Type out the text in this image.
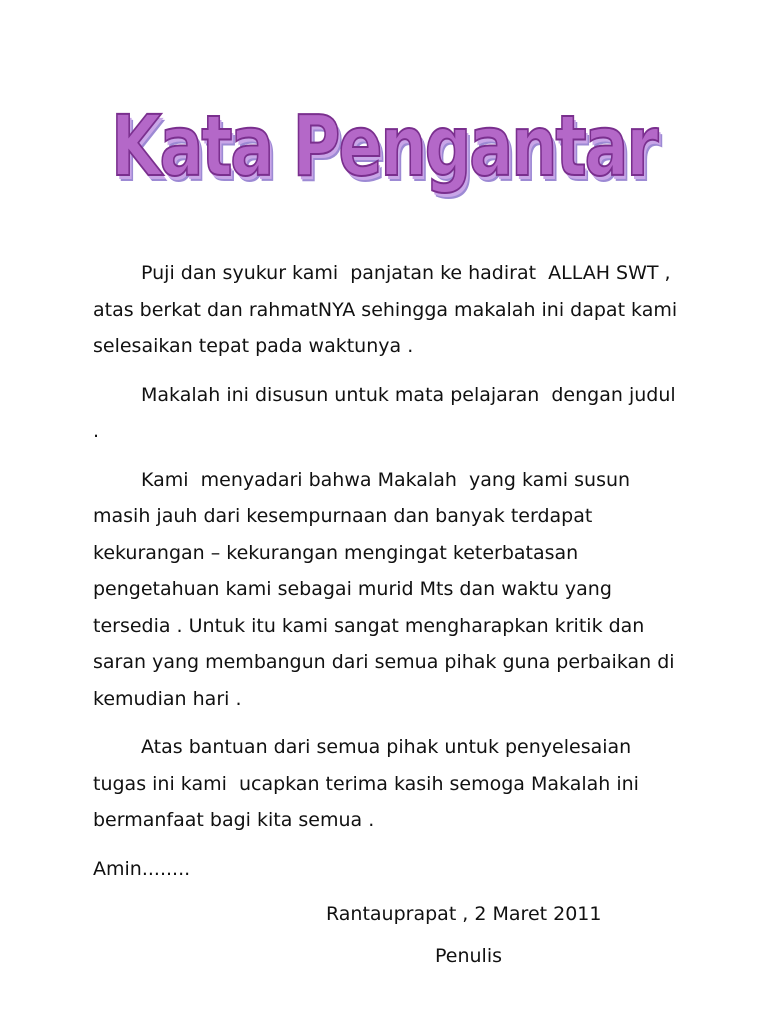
Kata Pengantar

Puji dan syukur kami  panjatan ke hadirat  ALLAH SWT , atas berkat dan rahmatNYA sehingga makalah ini dapat kami selesaikan tepat pada waktunya .

Makalah ini disusun untuk mata pelajaran  dengan judul      .

Kami  menyadari bahwa Makalah  yang kami susun masih jauh dari kesempurnaan dan banyak terdapat kekurangan – kekurangan mengingat keterbatasan pengetahuan kami sebagai murid Mts dan waktu yang tersedia . Untuk itu kami sangat mengharapkan kritik dan saran yang membangun dari semua pihak guna perbaikan di kemudian hari .

Atas bantuan dari semua pihak untuk penyelesaian tugas ini kami  ucapkan terima kasih semoga Makalah ini bermanfaat bagi kita semua .

Amin........

Rantauprapat , 2 Maret 2011
Penulis
